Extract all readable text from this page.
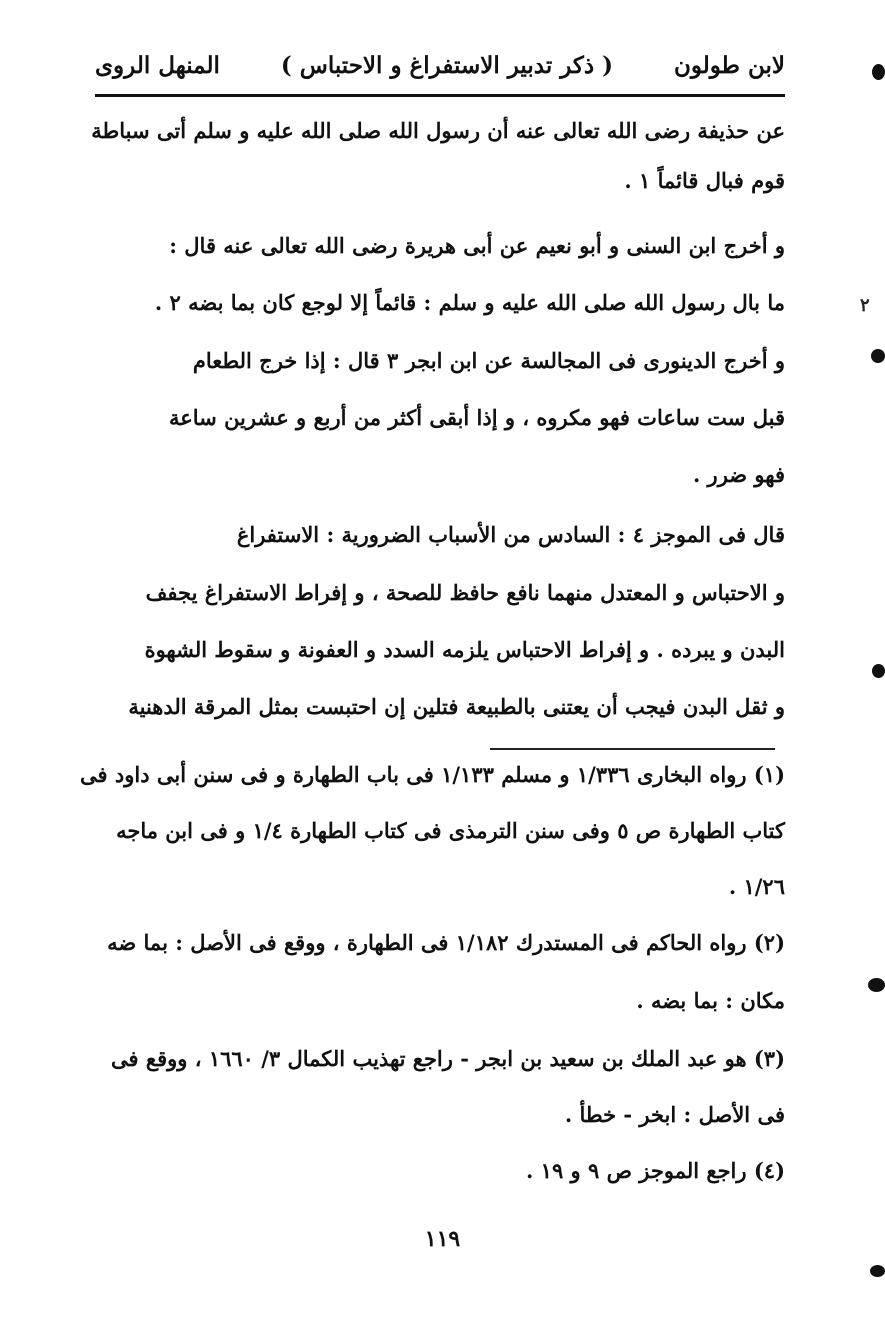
المنهل الروى	( ذكر تدبير الاستفراغ و الاحتباس )	لابن طولون
عن حذيفة رضى الله تعالى عنه أن رسول الله صلى الله عليه و سلم أتى سباطة
قوم فبال قائماً ١ .
و أخرج ابن السنى و أبو نعيم عن أبى هريرة رضى الله تعالى عنه قال :
ما بال رسول الله صلى الله عليه و سلم : قائماً إلا لوجع كان بما بضه ٢ .
و أخرج الدينورى فى المجالسة عن ابن ابجر ٣ قال : إذا خرج الطعام
قبل ست ساعات فهو مكروه ، و إذا أبقى أكثر من أربع و عشرين ساعة
فهو ضرر .
قال فى الموجز ٤ : السادس من الأسباب الضرورية : الاستفراغ
و الاحتباس و المعتدل منهما نافع حافظ للصحة ، و إفراط الاستفراغ يجفف
البدن و يبرده . و إفراط الاحتباس يلزمه السدد و العفونة و سقوط الشهوة
و ثقل البدن فيجب أن يعتنى بالطبيعة فتلين إن احتبست بمثل المرقة الدهنية
(١) رواه البخارى ١/٣٣٦ و مسلم ١/١٣٣ فى باب الطهارة و فى سنن أبى داود فى
كتاب الطهارة ص ٥ وفى سنن الترمذى فى كتاب الطهارة ١/٤ و فى ابن ماجه
١/٢٦ .
(٢) رواه الحاكم فى المستدرك ١/١٨٢ فى الطهارة ، ووقع فى الأصل : بما ضه
مكان : بما بضه .
(٣) هو عبد الملك بن سعيد بن ابجر - راجع تهذيب الكمال ٣/ ١٦٦٠ ، ووقع فى
فى الأصل : ابخر - خطأ .
(٤) راجع الموجز ص ٩ و ١٩ .
١١٩
٢
